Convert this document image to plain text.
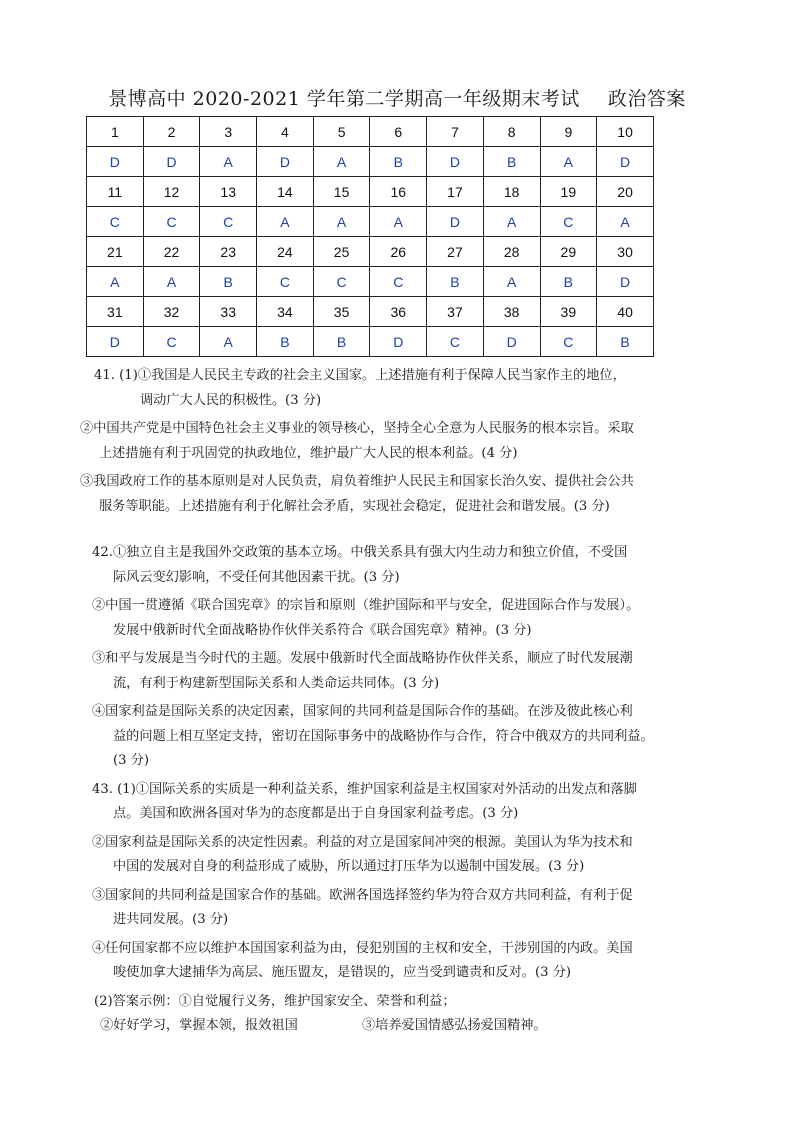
景博高中 2020-2021 学年第二学期高一年级期末考试 政治答案
1	2	3	4	5	6	7	8	9	10
D	D	A	D	A	B	D	B	A	D
11	12	13	14	15	16	17	18	19	20
C	C	C	A	A	A	D	A	C	A
21	22	23	24	25	26	27	28	29	30
A	A	B	C	C	C	B	A	B	D
31	32	33	34	35	36	37	38	39	40
D	C	A	B	B	D	C	D	C	B
41. (1)①我国是人民民主专政的社会主义国家。上述措施有利于保障人民当家作主的地位，
调动广大人民的积极性。(3 分)
②中国共产党是中国特色社会主义事业的领导核心，坚持全心全意为人民服务的根本宗旨。采取
上述措施有利于巩固党的执政地位，维护最广大人民的根本利益。(4 分)
③我国政府工作的基本原则是对人民负责，肩负着维护人民民主和国家长治久安、提供社会公共
服务等职能。上述措施有利于化解社会矛盾，实现社会稳定，促进社会和谐发展。(3 分)
42.①独立自主是我国外交政策的基本立场。中俄关系具有强大内生动力和独立价值，不受国
际风云变幻影响，不受任何其他因素干扰。(3 分)
②中国一贯遵循《联合国宪章》的宗旨和原则（维护国际和平与安全，促进国际合作与发展）。
发展中俄新时代全面战略协作伙伴关系符合《联合国宪章》精神。(3 分)
③和平与发展是当今时代的主题。发展中俄新时代全面战略协作伙伴关系，顺应了时代发展潮
流，有利于构建新型国际关系和人类命运共同体。(3 分)
④国家利益是国际关系的决定因素，国家间的共同利益是国际合作的基础。在涉及彼此核心利
益的问题上相互坚定支持，密切在国际事务中的战略协作与合作，符合中俄双方的共同利益。
(3 分)
43. (1)①国际关系的实质是一种利益关系，维护国家利益是主权国家对外活动的出发点和落脚
点。美国和欧洲各国对华为的态度都是出于自身国家利益考虑。(3 分)
②国家利益是国际关系的决定性因素。利益的对立是国家间冲突的根源。美国认为华为技术和
中国的发展对自身的利益形成了威胁，所以通过打压华为以遏制中国发展。(3 分)
③国家间的共同利益是国家合作的基础。欧洲各国选择签约华为符合双方共同利益，有利于促
进共同发展。(3 分)
④任何国家都不应以维护本国国家利益为由，侵犯别国的主权和安全，干涉别国的内政。美国
唆使加拿大逮捕华为高层、施压盟友，是错误的，应当受到谴责和反对。(3 分)
(2)答案示例：①自觉履行义务，维护国家安全、荣誉和利益；
②好好学习，掌握本领，报效祖国	③培养爱国情感弘扬爱国精神。
